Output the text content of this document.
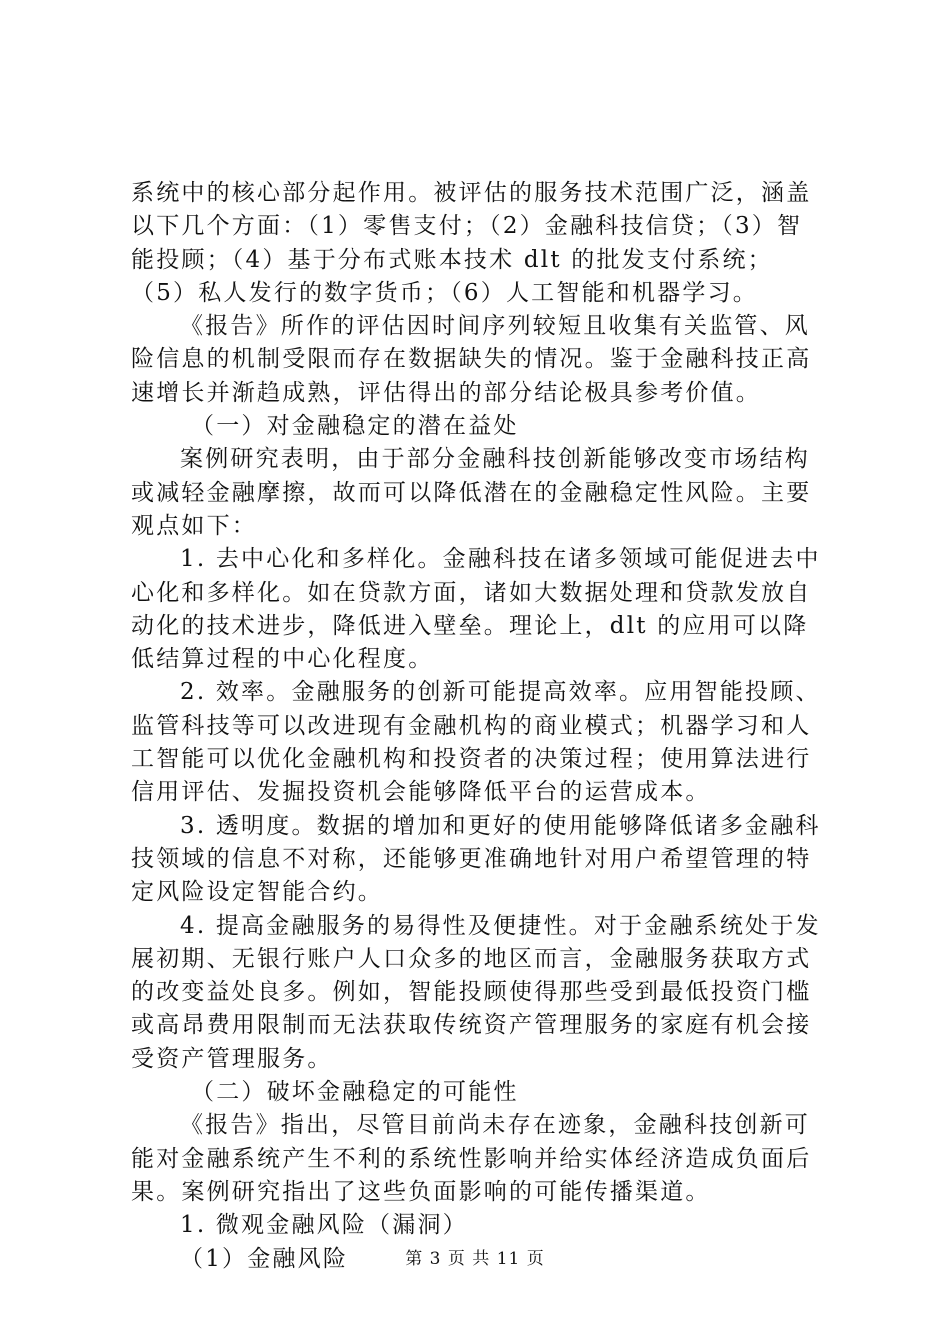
系统中的核心部分起作用。被评估的服务技术范围广泛，涵盖
以下几个方面：（1）零售支付；（2）金融科技信贷；（3）智
能投顾；（4）基于分布式账本技术 dlt 的批发支付系统；
（5）私人发行的数字货币；（6）人工智能和机器学习。
《报告》所作的评估因时间序列较短且收集有关监管、风
险信息的机制受限而存在数据缺失的情况。鉴于金融科技正高
速增长并渐趋成熟，评估得出的部分结论极具参考价值。
（一）对金融稳定的潜在益处
案例研究表明，由于部分金融科技创新能够改变市场结构
或减轻金融摩擦，故而可以降低潜在的金融稳定性风险。主要
观点如下：
1. 去中心化和多样化。金融科技在诸多领域可能促进去中
心化和多样化。如在贷款方面，诸如大数据处理和贷款发放自
动化的技术进步，降低进入壁垒。理论上，dlt 的应用可以降
低结算过程的中心化程度。
2. 效率。金融服务的创新可能提高效率。应用智能投顾、
监管科技等可以改进现有金融机构的商业模式；机器学习和人
工智能可以优化金融机构和投资者的决策过程；使用算法进行
信用评估、发掘投资机会能够降低平台的运营成本。
3. 透明度。数据的增加和更好的使用能够降低诸多金融科
技领域的信息不对称，还能够更准确地针对用户希望管理的特
定风险设定智能合约。
4. 提高金融服务的易得性及便捷性。对于金融系统处于发
展初期、无银行账户人口众多的地区而言，金融服务获取方式
的改变益处良多。例如，智能投顾使得那些受到最低投资门槛
或高昂费用限制而无法获取传统资产管理服务的家庭有机会接
受资产管理服务。
（二）破坏金融稳定的可能性
《报告》指出，尽管目前尚未存在迹象，金融科技创新可
能对金融系统产生不利的系统性影响并给实体经济造成负面后
果。案例研究指出了这些负面影响的可能传播渠道。
1. 微观金融风险（漏洞）
（1）金融风险	第 3 页 共 11 页
